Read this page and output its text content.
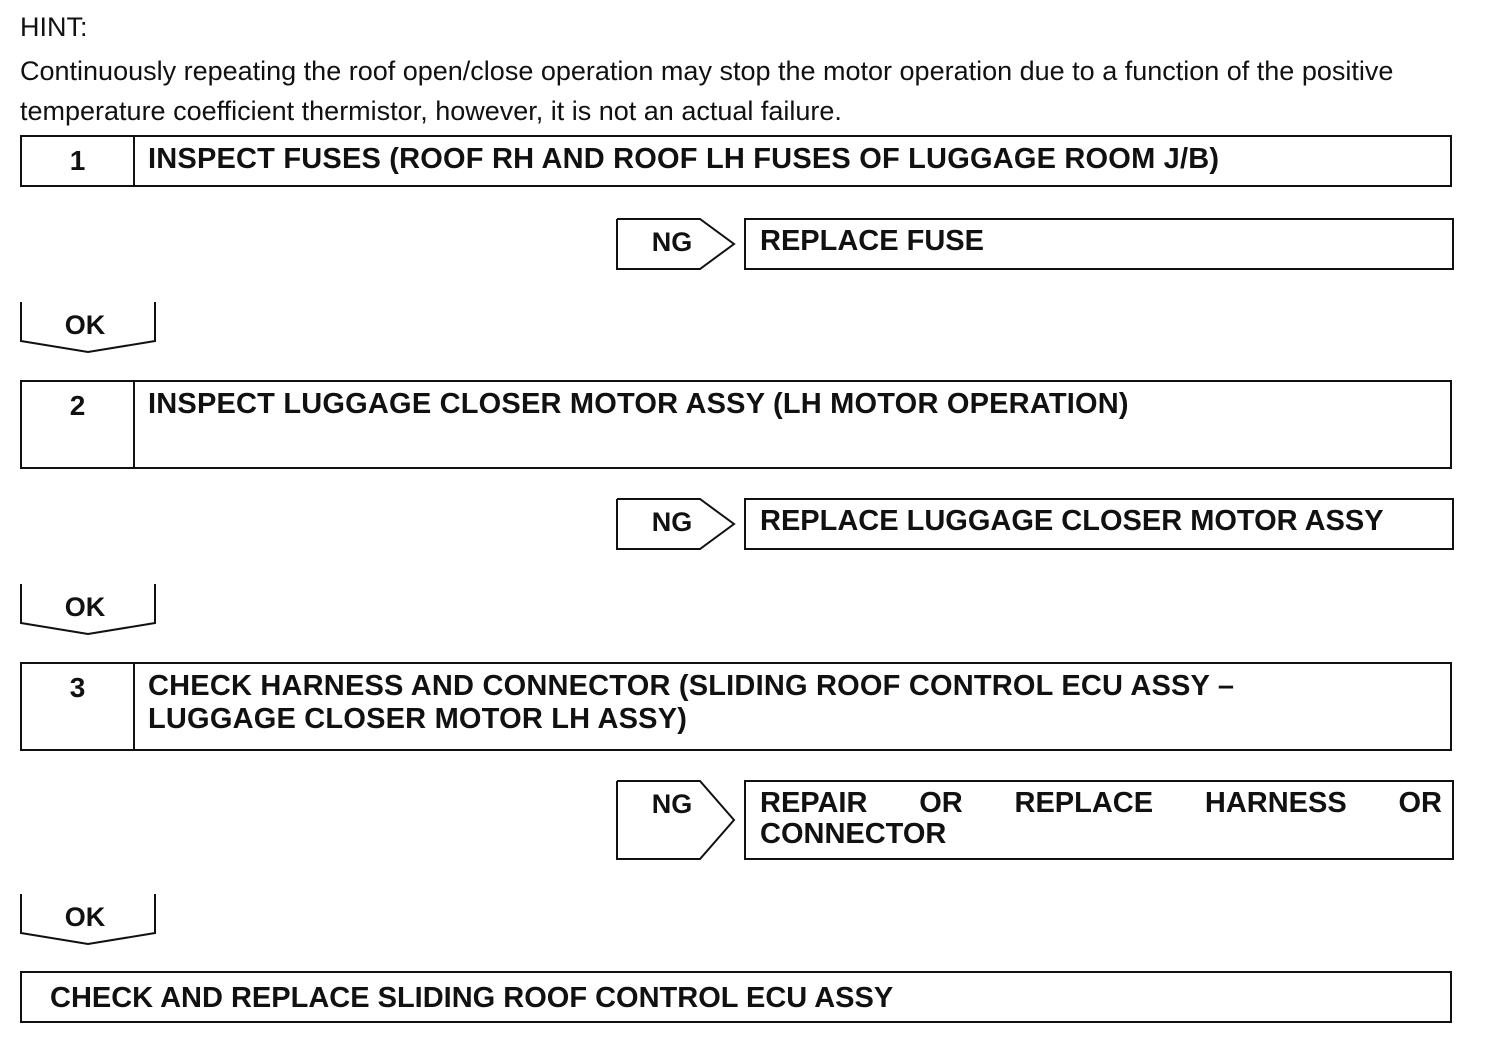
HINT:
Continuously repeating the roof open/close operation may stop the motor operation due to a function of the positive temperature coefficient thermistor, however, it is not an actual failure.
1	INSPECT FUSES (ROOF RH AND ROOF LH FUSES OF LUGGAGE ROOM J/B)
NG	REPLACE FUSE
OK
2	INSPECT LUGGAGE CLOSER MOTOR ASSY (LH MOTOR OPERATION)
NG	REPLACE LUGGAGE CLOSER MOTOR ASSY
OK
3	CHECK HARNESS AND CONNECTOR (SLIDING ROOF CONTROL ECU ASSY –
LUGGAGE CLOSER MOTOR LH ASSY)
NG	REPAIR OR REPLACE HARNESS OR
CONNECTOR
OK
CHECK AND REPLACE SLIDING ROOF CONTROL ECU ASSY
